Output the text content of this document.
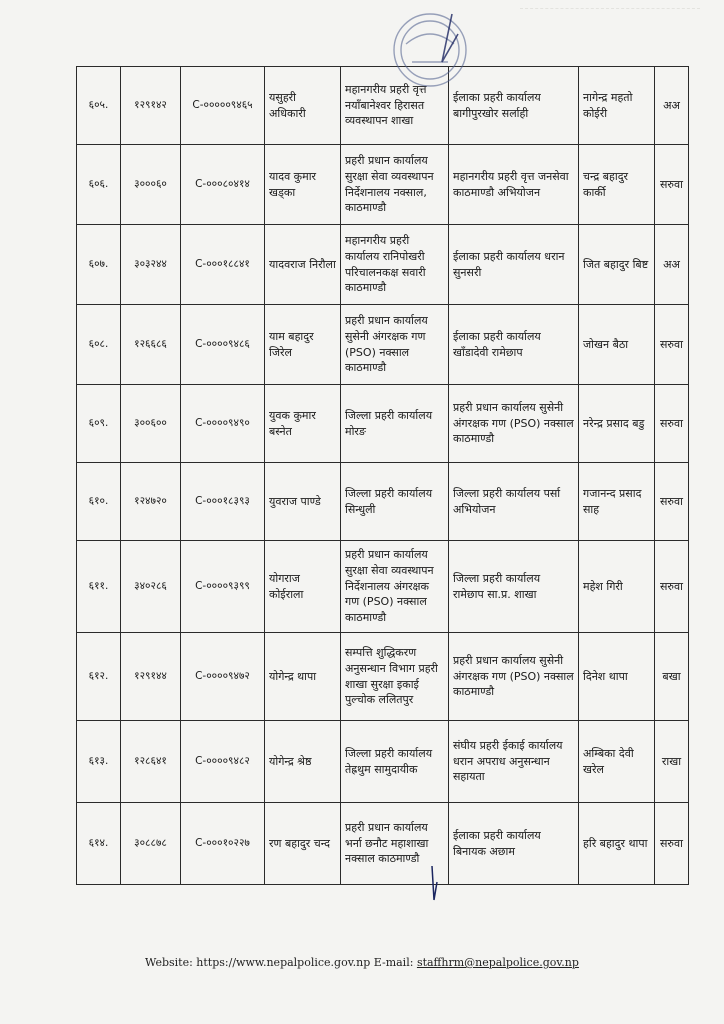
६०५.	१२९१४२	C-०००००९४६५	यसुहरी अधिकारी	महानगरीय प्रहरी वृत्त नयाँबानेश्वर हिरासत व्यवस्थापन शाखा	ईलाका प्रहरी कार्यालय बागीपुरखोर सर्लाही	नागेन्द्र महतो कोईरी	अअ
६०६.	३०००६०	C-०००८०४१४	यादव कुमार खड्का	प्रहरी प्रधान कार्यालय सुरक्षा सेवा व्यवस्थापन निर्देशनालय नक्साल, काठमाण्डौ	महानगरीय प्रहरी वृत्त जनसेवा काठमाण्डौ अभियोजन	चन्द्र बहादुर कार्की	सरुवा
६०७.	३०३२४४	C-०००१८८४१	यादवराज निरौला	महानगरीय प्रहरी कार्यालय रानिपोखरी परिचालनकक्ष सवारी काठमाण्डौ	ईलाका प्रहरी कार्यालय धरान सुनसरी	जित बहादुर बिष्ट	अअ
६०८.	१२६६८६	C-००००९४८६	याम बहादुर जिरेल	प्रहरी प्रधान कार्यालय सुसेनी अंगरक्षक गण (PSO) नक्साल काठमाण्डौ	ईलाका प्रहरी कार्यालय खाँडादेवी रामेछाप	जोखन बैठा	सरुवा
६०९.	३००६००	C-००००९४९०	युवक कुमार बस्नेत	जिल्ला प्रहरी कार्यालय मोरङ	प्रहरी प्रधान कार्यालय सुसेनी अंगरक्षक गण (PSO) नक्साल काठमाण्डौ	नरेन्द्र प्रसाद बडु	सरुवा
६१०.	१२४७२०	C-०००१८३९३	युवराज पाण्डे	जिल्ला प्रहरी कार्यालय सिन्धुली	जिल्ला प्रहरी कार्यालय पर्सा अभियोजन	गजानन्द प्रसाद साह	सरुवा
६११.	३४०२८६	C-००००९३९९	योगराज कोईराला	प्रहरी प्रधान कार्यालय सुरक्षा सेवा व्यवस्थापन निर्देशनालय अंगरक्षक गण (PSO) नक्साल काठमाण्डौ	जिल्ला प्रहरी कार्यालय रामेछाप सा.प्र. शाखा	महेश गिरी	सरुवा
६१२.	१२९१४४	C-००००९४७२	योगेन्द्र थापा	सम्पत्ति शुद्धिकरण अनुसन्धान विभाग प्रहरी शाखा सुरक्षा इकाई पुल्चोक ललितपुर	प्रहरी प्रधान कार्यालय सुसेनी अंगरक्षक गण (PSO) नक्साल काठमाण्डौ	दिनेश थापा	बखा
६१३.	१२८६४१	C-००००९४८२	योगेन्द्र श्रेष्ठ	जिल्ला प्रहरी कार्यालय तेह्रथुम सामुदायीक	संघीय प्रहरी ईकाई कार्यालय धरान अपराध अनुसन्धान सहायता	अम्बिका देवी खरेल	राखा
६१४.	३०८८७८	C-०००१०२२७	रण बहादुर चन्द	प्रहरी प्रधान कार्यालय भर्ना छनौट महाशाखा नक्साल काठमाण्डौ	ईलाका प्रहरी कार्यालय बिनायक अछाम	हरि बहादुर थापा	सरुवा
Website: https://www.nepalpolice.gov.np E-mail: staffhrm@nepalpolice.gov.np
